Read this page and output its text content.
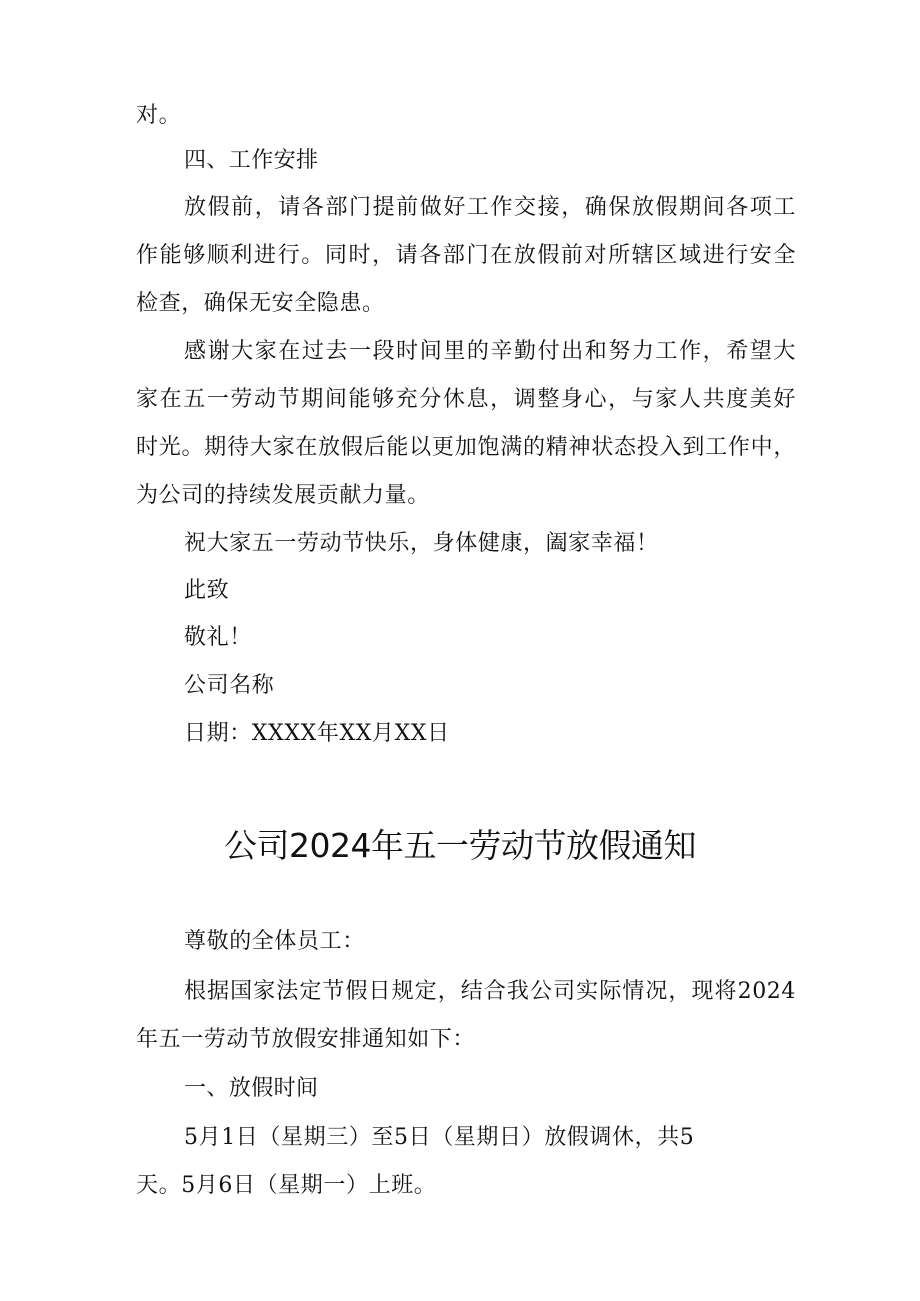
对。
四、工作安排
放假前，请各部门提前做好工作交接，确保放假期间各项工
作能够顺利进行。同时，请各部门在放假前对所辖区域进行安全
检查，确保无安全隐患。
感谢大家在过去一段时间里的辛勤付出和努力工作，希望大
家在五一劳动节期间能够充分休息，调整身心，与家人共度美好
时光。期待大家在放假后能以更加饱满的精神状态投入到工作中，
为公司的持续发展贡献力量。
祝大家五一劳动节快乐，身体健康，阖家幸福！
此致
敬礼！
公司名称
日期：XXXX年XX月XX日
公司2024年五一劳动节放假通知
尊敬的全体员工：
根据国家法定节假日规定，结合我公司实际情况，现将2024
年五一劳动节放假安排通知如下：
一、放假时间
5月1日（星期三）至5日（星期日）放假调休，共5
天。5月6日（星期一）上班。
